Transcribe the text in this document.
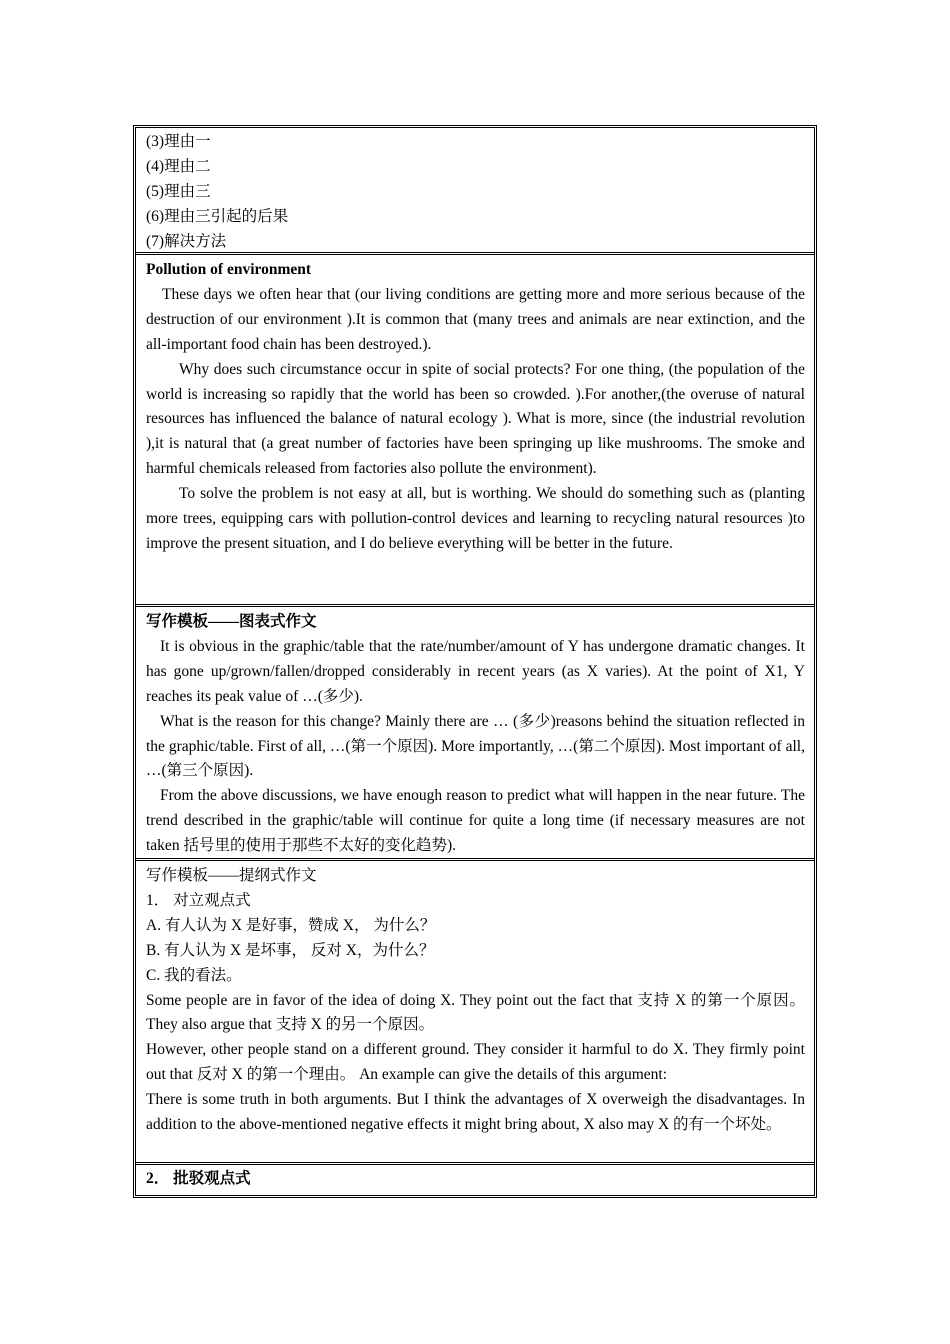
(3)理由一

(4)理由二

(5)理由三

(6)理由三引起的后果

(7)解决方法

Pollution of environment

These days we often hear that (our living conditions are getting more and more serious because of the destruction of our environment ).It is common that (many trees and animals are near extinction, and the all-important food chain has been destroyed.).

Why does such circumstance occur in spite of social protects? For one thing, (the population of the world is increasing so rapidly that the world has been so crowded. ).For another,(the overuse of natural resources has influenced the balance of natural ecology ). What is more, since (the industrial revolution ),it is natural that (a great number of factories have been springing up like mushrooms. The smoke and harmful chemicals released from factories also pollute the environment).

To solve the problem is not easy at all, but is worthing. We should do something such as (planting more trees, equipping cars with pollution-control devices and learning to recycling natural resources )to improve the present situation, and I do believe everything will be better in the future.

写作模板——图表式作文

It is obvious in the graphic/table that the rate/number/amount of Y has undergone dramatic changes. It has gone up/grown/fallen/dropped considerably in recent years (as X varies). At the point of X1, Y reaches its peak value of …(多少).

What is the reason for this change? Mainly there are … (多少)reasons behind the situation reflected in the graphic/table. First of all, …(第一个原因). More importantly, …(第二个原因). Most important of all, …(第三个原因).

From the above discussions, we have enough reason to predict what will happen in the near future. The trend described in the graphic/table will continue for quite a long time (if necessary measures are not taken 括号里的使用于那些不太好的变化趋势).

写作模板——提纲式作文

1． 对立观点式

A. 有人认为 X 是好事，赞成 X， 为什么？

B. 有人认为 X 是坏事， 反对 X，为什么？

C. 我的看法。

Some people are in favor of the idea of doing X. They point out the fact that 支持 X 的第一个原因。They also argue that 支持 X 的另一个原因。

However, other people stand on a different ground. They consider it harmful to do X. They firmly point out that 反对 X 的第一个理由。 An example can give the details of this argument:

There is some truth in both arguments. But I think the advantages of X overweigh the disadvantages. In addition to the above-mentioned negative effects it might bring about, X also may X 的有一个坏处。

2． 批驳观点式
